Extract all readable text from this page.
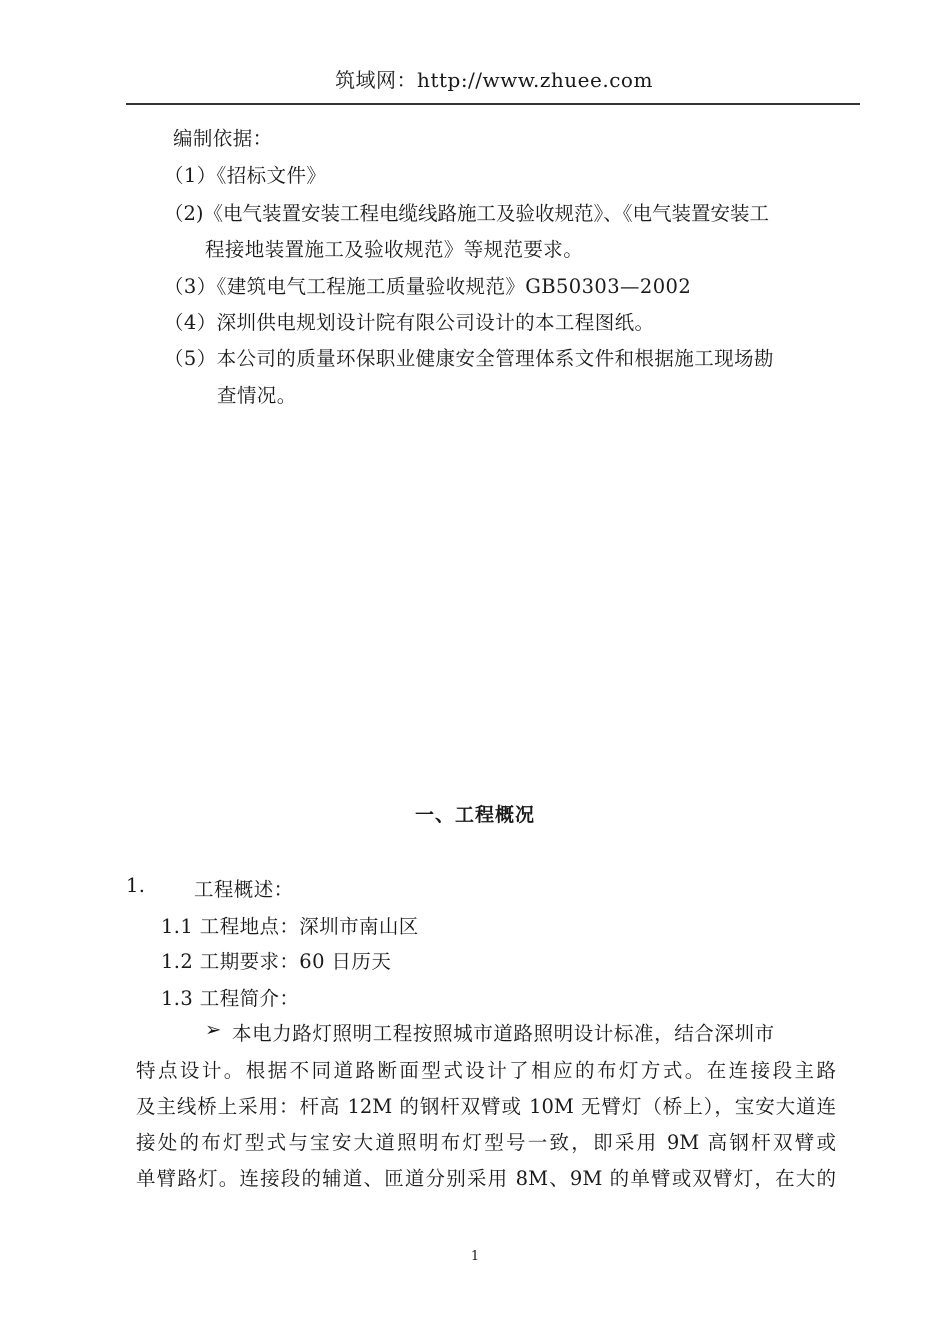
筑域网：http://www.zhuee.com
编制依据：
（1）《招标文件》
（2)《电气装置安装工程电缆线路施工及验收规范》、《电气装置安装工
程接地装置施工及验收规范》等规范要求。
（3）《建筑电气工程施工质量验收规范》GB50303—2002
（4）深圳供电规划设计院有限公司设计的本工程图纸。
（5）本公司的质量环保职业健康安全管理体系文件和根据施工现场勘
查情况。
一、工程概况
1. 工程概述：
1.1 工程地点：深圳市南山区
1.2 工期要求：60 日历天
1.3 工程简介：
➢ 本电力路灯照明工程按照城市道路照明设计标准，结合深圳市
特点设计。根据不同道路断面型式设计了相应的布灯方式。在连接段主路
及主线桥上采用：杆高 12M 的钢杆双臂或 10M 无臂灯（桥上），宝安大道连
接处的布灯型式与宝安大道照明布灯型号一致，即采用 9M 高钢杆双臂或
单臂路灯。连接段的辅道、匝道分别采用 8M、9M 的单臂或双臂灯，在大的
1
